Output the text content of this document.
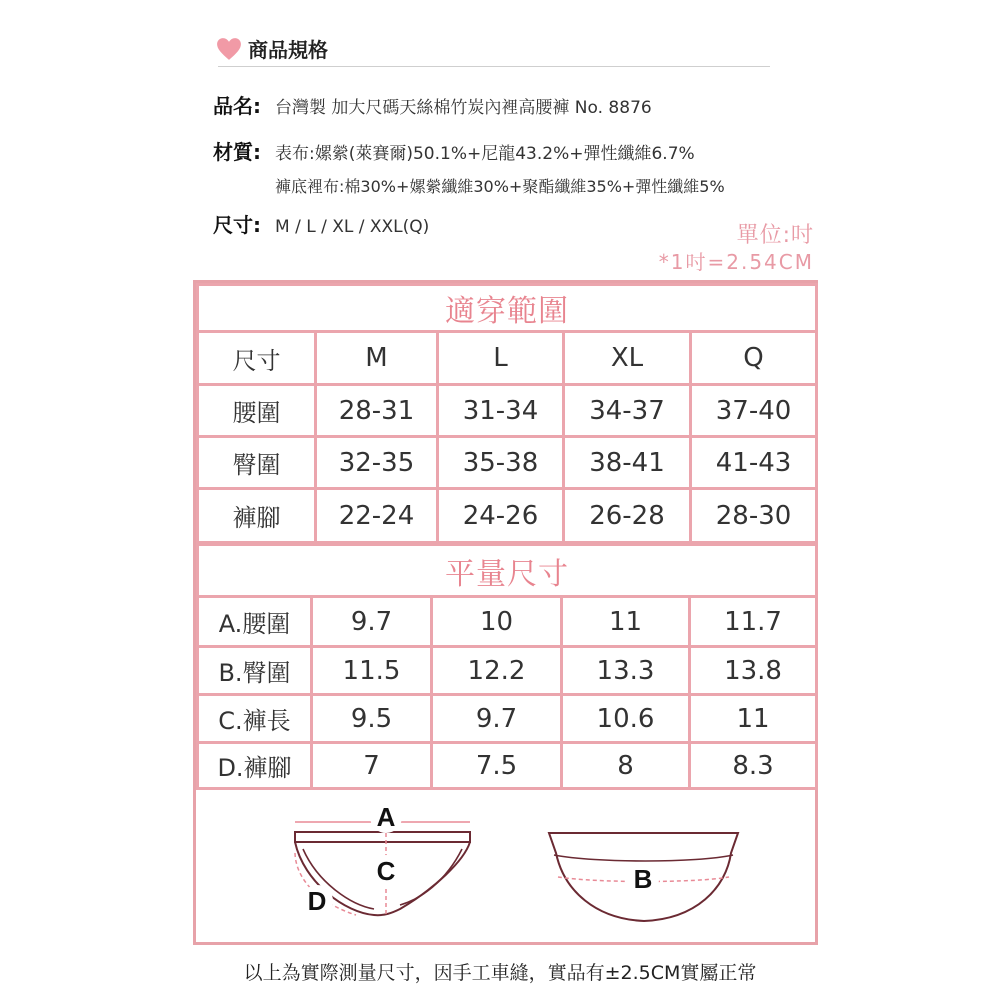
商品規格
品名: 台灣製 加大尺碼天絲棉竹炭內裡高腰褲 No. 8876
材質: 表布:嫘縈(萊賽爾)50.1%+尼龍43.2%+彈性纖維6.7%
褲底裡布:棉30%+嫘縈纖維30%+聚酯纖維35%+彈性纖維5%
尺寸: M / L / XL / XXL(Q)	單位:吋
*1吋=2.54CM
適穿範圍				
尺寸	M	L	XL	Q
腰圍	28-31	31-34	34-37	37-40
臀圍	32-35	35-38	38-41	41-43
褲腳	22-24	24-26	26-28	28-30
平量尺寸				
A.腰圍	9.7	10	11	11.7
B.臀圍	11.5	12.2	13.3	13.8
C.褲長	9.5	9.7	10.6	11
D.褲腳	7	7.5	8	8.3
A
C
D
B
以上為實際測量尺寸，因手工車縫，實品有±2.5CM實屬正常
